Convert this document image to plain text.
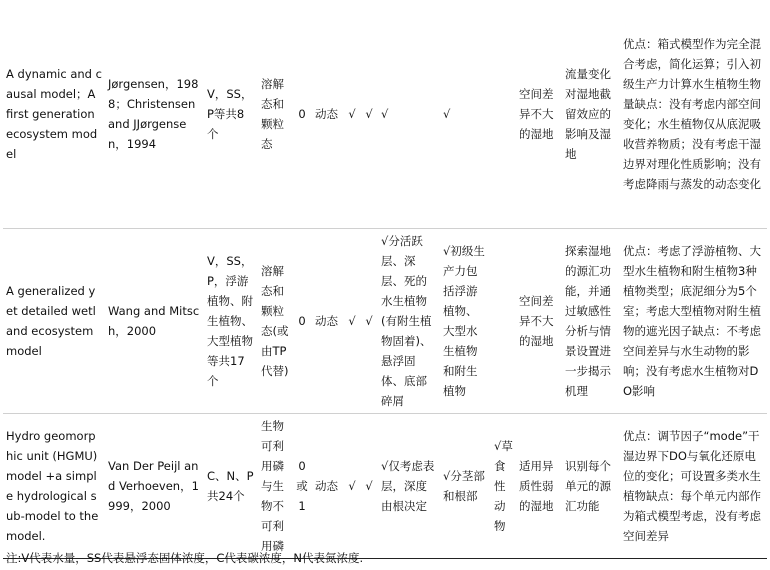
A dynamic and causal model；A first generation ecosystem model	Jørgensen，1988；Christensen and JJørgensen，1994	V，SS，P等共8个	溶解态和颗粒态	0	动态	√	√	√	√		空间差异不大的湿地	流量变化对湿地截留效应的影响及湿地	优点：箱式模型作为完全混合考虑，简化运算；引入初级生产力计算水生植物生物量缺点：没有考虑内部空间变化；水生植物仅从底泥吸收营养物质；没有考虑干湿边界对理化性质影响；没有考虑降雨与蒸发的动态变化
A generalized yet detailed wetl and ecosystem model	Wang and Mitsch，2000	V，SS，P，浮游植物、附生植物、大型植物等共17个	溶解态和颗粒态(或由TP代替)	0	动态	√	√	√分活跃层、深层、死的水生植物(有附生植物固着)、悬浮固体、底部碎屑	√初级生产力包括浮游植物、大型水生植物和附生植物		空间差异不大的湿地	探索湿地的源汇功能，并通过敏感性分析与情景设置进一步揭示机理	优点：考虑了浮游植物、大型水生植物和附生植物3种植物类型；底泥细分为5个室；考虑大型植物对附生植物的遮光因子缺点：不考虑空间差异与水生动物的影响；没有考虑水生植物对DO影响
Hydro geomorphic unit (HGMU)model +a simple hydrological sub-model to the model.	Van Der Peijl and Verhoeven，1999，2000	C、N、P共24个	生物可利用磷与生物不可利用磷	0或1	动态	√	√	√仅考虑表层，深度由根决定	√分茎部和根部	√草食性动物	适用异质性弱的湿地	识别每个单元的源汇功能	优点：调节因子“mode”干湿边界下DO与氧化还原电位的变化；可设置多类水生植物缺点：每个单元内部作为箱式模型考虑，没有考虑空间差异
注:V代表水量，SS代表悬浮态固体浓度，C代表碳浓度，N代表氮浓度.
